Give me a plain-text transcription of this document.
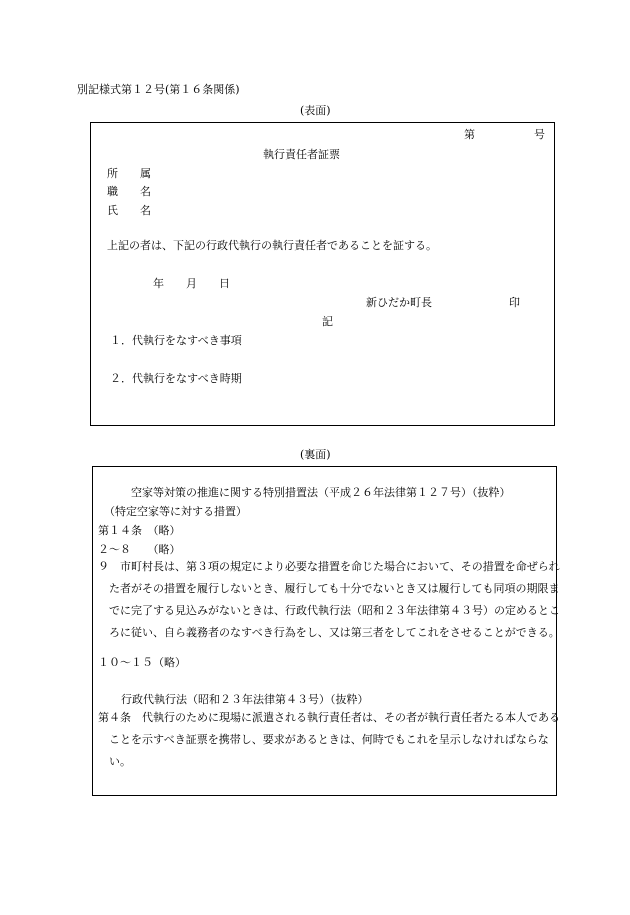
別記様式第１２号(第１６条関係)
(表面)
第	号
執行責任者証票
所　　属
職　　名
氏　　名
上記の者は、下記の行政代執行の執行責任者であることを証する。
年 月 日
新ひだか町長	印
記
１．代執行をなすべき事項
２．代執行をなすべき時期
(裏面)
空家等対策の推進に関する特別措置法（平成２６年法律第１２７号）（抜粋）
（特定空家等に対する措置）
第１４条　（略）
２～８　　（略）
９　市町村長は、第３項の規定により必要な措置を命じた場合において、その措置を命ぜられた者がその措置を履行しないとき、履行しても十分でないとき又は履行しても同項の期限までに完了する見込みがないときは、行政代執行法（昭和２３年法律第４３号）の定めるところに従い、自ら義務者のなすべき行為をし、又は第三者をしてこれをさせることができる。
１０～１５（略）
行政代執行法（昭和２３年法律第４３号）（抜粋）
第４条　代執行のために現場に派遣される執行責任者は、その者が執行責任者たる本人であることを示すべき証票を携帯し、要求があるときは、何時でもこれを呈示しなければならない。
